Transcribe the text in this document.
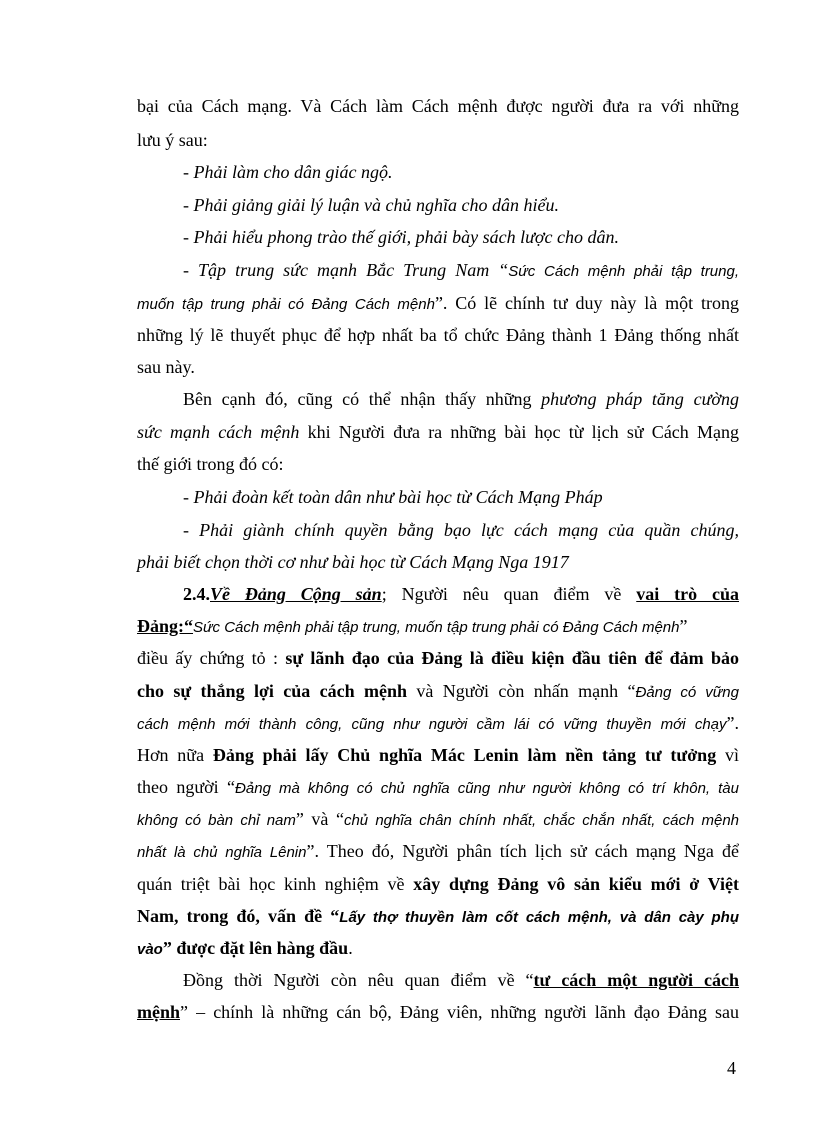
bại của Cách mạng. Và Cách làm Cách mệnh được người đưa ra với những
lưu ý sau:
- Phải làm cho dân giác ngộ.
- Phải giảng giải lý luận và chủ nghĩa cho dân hiểu.
- Phải hiểu phong trào thế giới, phải bày sách lược cho dân.
- Tập trung sức mạnh Bắc Trung Nam “Sức Cách mệnh phải tập trung,
muốn tập trung phải có Đảng Cách mệnh”. Có lẽ chính tư duy này là một trong
những lý lẽ thuyết phục để hợp nhất ba tổ chức Đảng thành 1 Đảng thống nhất
sau này.
Bên cạnh đó, cũng có thể nhận thấy những phương pháp tăng cường
sức mạnh cách mệnh khi Người đưa ra những bài học từ lịch sử Cách Mạng
thế giới trong đó có:
- Phải đoàn kết toàn dân như bài học từ Cách Mạng Pháp
- Phải giành chính quyền bằng bạo lực cách mạng của quần chúng,
phải biết chọn thời cơ như bài học từ Cách Mạng Nga 1917
2.4.Về Đảng Cộng sản; Người nêu quan điểm về vai trò của
Đảng:“Sức Cách mệnh phải tập trung, muốn tập trung phải có Đảng Cách mệnh”
điều ấy chứng tỏ : sự lãnh đạo của Đảng là điều kiện đầu tiên để đảm bảo
cho sự thắng lợi của cách mệnh và Người còn nhấn mạnh “Đảng có vững
cách mệnh mới thành công, cũng như người cầm lái có vững thuyền mới chạy”.
Hơn nữa Đảng phải lấy Chủ nghĩa Mác Lenin làm nền tảng tư tưởng vì
theo người “Đảng mà không có chủ nghĩa cũng như người không có trí khôn, tàu
không có bàn chỉ nam” và “chủ nghĩa chân chính nhất, chắc chắn nhất, cách mệnh
nhất là chủ nghĩa Lênin”. Theo đó, Người phân tích lịch sử cách mạng Nga để
quán triệt bài học kinh nghiệm về xây dựng Đảng vô sản kiểu mới ở Việt
Nam, trong đó, vấn đề “Lấy thợ thuyền làm cốt cách mệnh, và dân cày phụ
vào” được đặt lên hàng đầu.
Đồng thời Người còn nêu quan điểm về “tư cách một người cách
mệnh” – chính là những cán bộ, Đảng viên, những người lãnh đạo Đảng sau
4
